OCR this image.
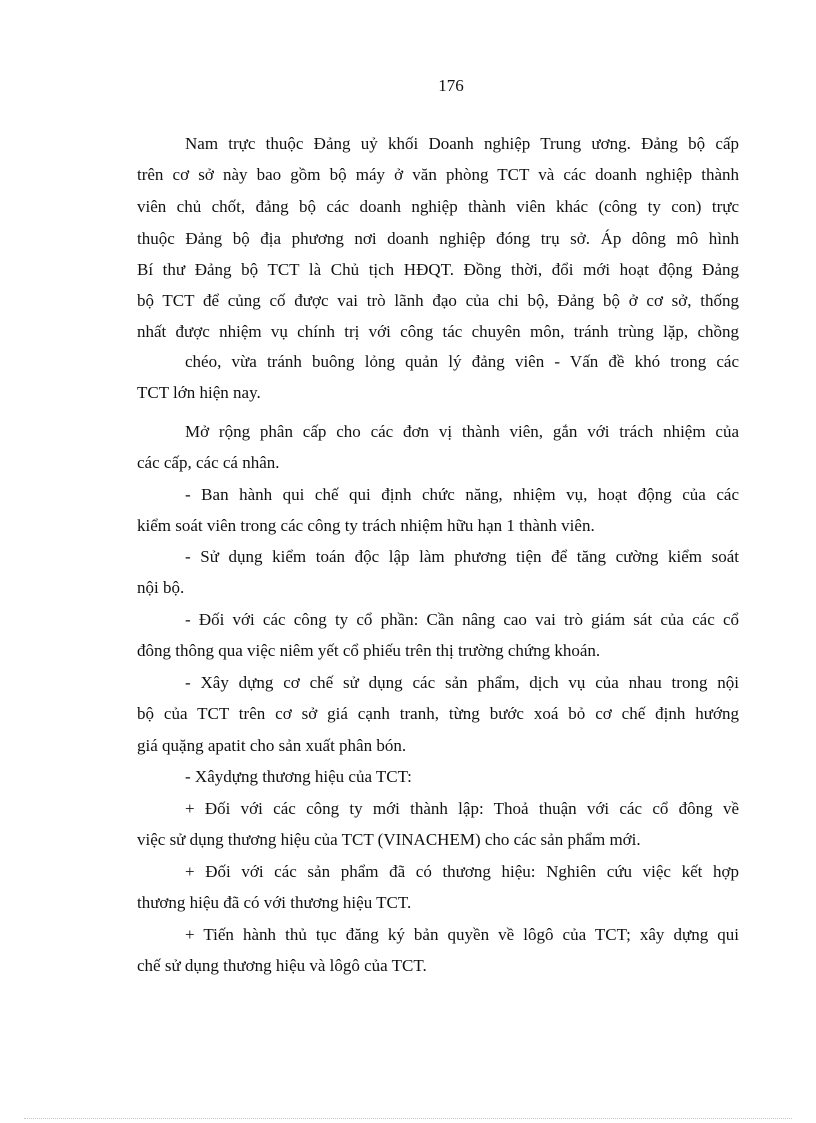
176
Nam trực thuộc Đảng uỷ khối Doanh nghiệp Trung ương. Đảng bộ cấp
trên cơ sở này bao gồm bộ máy ở văn phòng TCT và các doanh nghiệp thành
viên chủ chốt, đảng bộ các doanh nghiệp thành viên khác (công ty con) trực
thuộc Đảng bộ địa phương nơi doanh nghiệp đóng trụ sở. Áp dông mô hình
Bí thư Đảng bộ TCT là Chủ tịch HĐQT. Đồng thời, đổi mới hoạt động Đảng
bộ TCT để củng cố được vai trò lãnh đạo của chi bộ, Đảng bộ ở cơ sở, thống
nhất được nhiệm vụ chính trị với công tác chuyên môn, tránh trùng lặp, chồng
chéo, vừa tránh buông lỏng quản lý đảng viên - Vấn đề khó trong các
TCT lớn hiện nay.
Mở rộng phân cấp cho các đơn vị thành viên, gắn với trách nhiệm của
các cấp, các cá nhân.
- Ban hành qui chế qui định chức năng, nhiệm vụ, hoạt động của các
kiểm soát viên trong các công ty trách nhiệm hữu hạn 1 thành viên.
- Sử dụng kiểm toán độc lập làm phương tiện để tăng cường kiểm soát
nội bộ.
- Đối với các công ty cổ phần: Cần nâng cao vai trò giám sát của các cổ
đông thông qua việc niêm yết cổ phiếu trên thị trường chứng khoán.
- Xây dựng cơ chế sử dụng các sản phẩm, dịch vụ của nhau trong nội
bộ của TCT trên cơ sở giá cạnh tranh, từng bước xoá bỏ cơ chế định hướng
giá quặng apatit cho sản xuất phân bón.
- Xâydựng thương hiệu của TCT:
+ Đối với các công ty mới thành lập: Thoả thuận với các cổ đông về
việc sử dụng thương hiệu của TCT (VINACHEM) cho các sản phẩm mới.
+ Đối với các sản phẩm đã có thương hiệu: Nghiên cứu việc kết hợp
thương hiệu đã có với thương hiệu TCT.
+ Tiến hành thủ tục đăng ký bản quyền về lôgô của TCT; xây dựng qui
chế sử dụng thương hiệu và lôgô của TCT.
